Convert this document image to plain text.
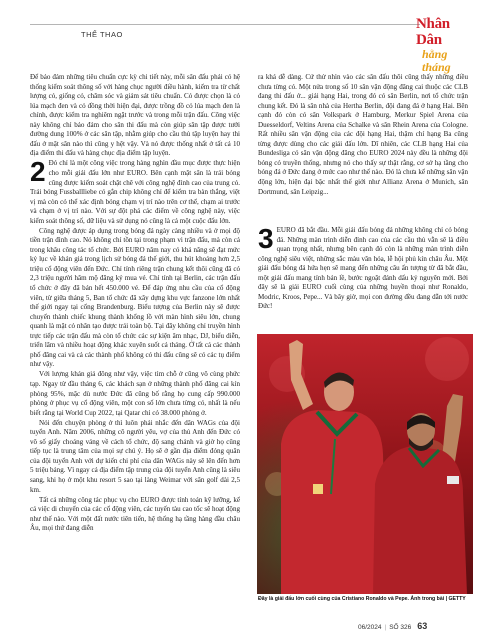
THỂ THAO
Nhân Dân
hằng tháng

Để bảo đảm những tiêu chuẩn cực kỳ chi tiết này, mỗi sân đấu phải có hệ thống kiểm soát thông số với hàng chục người điều hành, kiểm tra từ chất lượng cỏ, giống cỏ, chăm sóc và giám sát tiêu chuẩn. Cỏ được chọn là cỏ lúa mạch đen và cỏ đồng thời hiện đại, được trồng đồ cỏ lúa mạch đen là chính, được kiểm tra nghiêm ngặt trước và trong mỗi trận đấu. Công việc này không chỉ bảo đảm cho sân thi đấu mà còn giúp sân tập được tưới đường dung 100% ở các sân tập, nhằm giúp cho cầu thủ tập luyện hay thi đấu ở mặt sân nào thì cũng y hệt vậy. Và nó được thống nhất ở tất cả 10 địa điểm thi đấu và hàng chục địa điểm tập luyện.

2 Đó chỉ là một công việc trong hàng nghìn đầu mục được thực hiện cho mỗi giải đấu lớn như EURO. Bên cạnh mặt sân là trái bóng cũng được kiểm soát chặt chẽ với công nghệ đỉnh cao của trung cỏ. Trái bóng Fussballliebe có gắn chip không chỉ để kiểm tra bàn thắng, việt vị mà còn có thể xác định bóng chạm vị trí nào trên cơ thể, chạm ai trước và chạm ở vị trí nào. Với sự đột phá các điểm về công nghệ này, việc kiểm soát thông số, dữ liệu và sử dụng nó cũng là cả một cuộc đấu lớn.

Công nghệ được áp dụng trong bóng đá ngày càng nhiều và ở mọi độ tiền trận đình cao. Nó không chỉ tồn tại trong phạm vi trận đấu, mà còn cả trong khâu công tác tổ chức. Bởi EURO năm nay có khả năng sẽ đạt mức kỷ lục về khán giả trong lịch sử bóng đá thế giới, thu hút khoảng hơn 2,5 triệu cổ động viên đến Đức. Chỉ tính riêng trận chung kết thôi cũng đã có 2,3 triệu người hâm mộ đăng ký mua vé. Chỉ tính tại Berlin, các trận đấu tổ chức ở đây đã bán hết 450.000 vé. Để đáp ứng nhu cầu của cổ động viên, từ giữa tháng 5, Ban tổ chức đã xây dựng khu vực fanzone lớn nhất thế giới ngay tại cổng Brandenburg. Biểu tượng của Berlin này sẽ được chuyển thành chiếc khung thành khổng lồ với màn hình siêu lớn, chung quanh là mặt cỏ nhân tạo được trải toàn bộ. Tại đây không chỉ truyền hình trực tiếp các trận đấu mà còn tổ chức các sự kiện âm nhạc, DJ, biểu diễn, triển lãm và nhiều hoạt động khác xuyên suốt cả tháng. Ở tất cả các thành phố đăng cai và cả các thành phố không có thi đấu cũng sẽ có các tụ điểm như vậy.

Với lượng khán giả đông như vậy, việc tìm chỗ ở cũng vô cùng phức tạp. Ngay từ đầu tháng 6, các khách sạn ở những thành phố đăng cai kín phòng 95%, mặc dù nước Đức đã cũng bố rằng họ cung cấp 990.000 phòng ở phục vụ cổ động viên, một con số lớn chưa từng có, nhất là nếu biết rằng tại World Cup 2022, tại Qatar chỉ có 38.000 phòng ở.

Nói đến chuyện phòng ở thì luôn phải nhắc đến dân WAGs của đội tuyển Anh. Năm 2006, những cô người yêu, vợ của thủ Anh đến Đức có vô số giấy choáng váng về cách tổ chức, độ sang chảnh và giờ họ cũng tiếp tục là trung tâm của mọi sự chú ý. Họ sẽ ở gần địa điểm đóng quân của đội tuyển Anh với dự kiến chi phí của dân WAGs này sẽ lên đến hơn 5 triệu bảng. Vì ngay cả địa điểm tập trung của đội tuyển Anh cũng là siêu sang, khi họ ở một khu resort 5 sao tại làng Weimar với sân golf dài 2,5 km.

Tất cả những công tác phục vụ cho EURO được tính toán kỹ lưỡng, kể cả việc di chuyển của các cổ động viên, các tuyến tàu cao tốc sẽ hoạt động như thế nào. Với một đất nước tiên tiến, hệ thống hạ tầng hàng đầu châu Âu, mọi thứ đang diễn

ra khá dễ dàng. Cứ thử nhìn vào các sân đấu thôi cũng thấy những điều chưa từng có. Một nửa trong số 10 sân vận động đăng cai thuộc các CLB đang thi đấu ở... giải hạng Hai, trong đó có sân Berlin, nơi tổ chức trận chung kết. Đó là sân nhà của Hertha Berlin, đội đang đá ở hạng Hai. Bên cạnh đó còn có sân Volkspark ở Hamburg, Merkur Spiel Arena của Duesseldorf, Veltins Arena của Schalke và sân Rhein Arena của Cologne. Rất nhiều sân vận động của các đội hạng Hai, thậm chí hạng Ba cũng từng được dùng cho các giải đấu lớn. Dĩ nhiên, các CLB hạng Hai của Bundesliga có sân vận động đăng cho EURO 2024 này đều là những đội bóng có truyền thống, nhưng nó cho thấy sự thật rằng, cơ sở hạ tầng cho bóng đá ở Đức đang ở mức cao như thế nào. Đó là chưa kể những sân vận động lớn, hiện đại bậc nhất thế giới như Allianz Arena ở Munich, sân Dortmund, sân Leipzig...

3 EURO đã bắt đầu. Mỗi giải đấu bóng đá những không chỉ có bóng đá. Những màn trình diễn đỉnh cao của các cầu thủ vẫn sẽ là điều quan trọng nhất, nhưng bên cạnh đó còn là những màn trình diễn công nghệ siêu việt, những sắc màu văn hóa, lễ hội phủ kín châu Âu. Một giải đấu bóng đá hứa hẹn sẽ mang đến những câu ấn tượng từ đã bắt đầu, một giải đấu mang tính bản lề, bước ngoặt đánh dấu kỷ nguyên mới. Bởi đây sẽ là giải EURO cuối cùng của những huyền thoại như Ronaldo, Modric, Kroos, Pepe... Và bây giờ, mọi con đường đều đang dẫn tới nước Đức!

Đây là giải đấu lớn cuối cùng của Cristiano Ronaldo và Pepe. Ảnh trong bài | GETTY
06/2024 | SỐ 326 63
